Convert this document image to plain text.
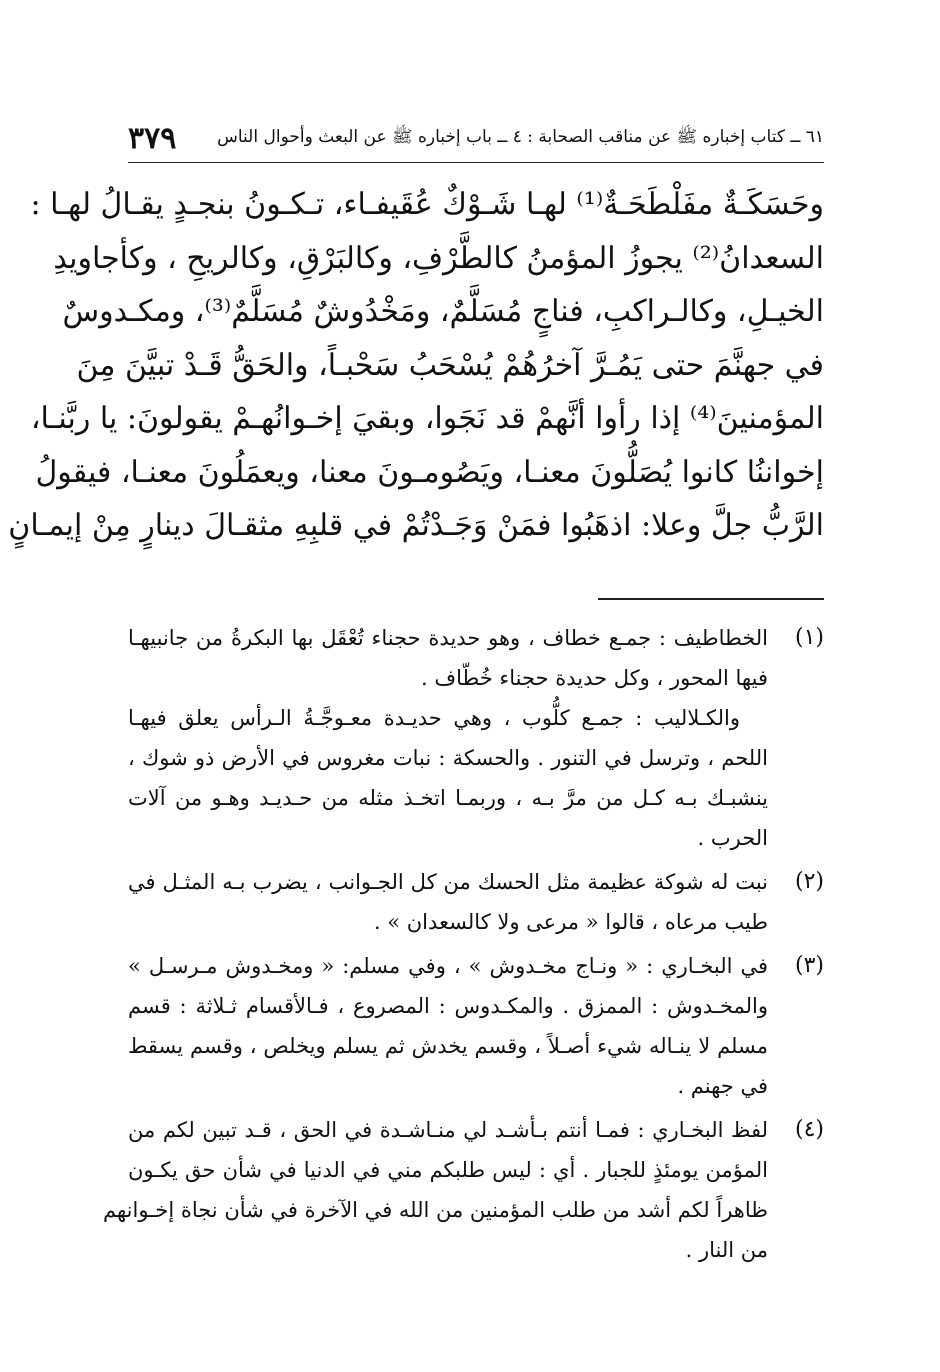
٦١ ــ كتاب إخباره ﷺ عن مناقب الصحابة : ٤ ــ باب إخباره ﷺ عن البعث وأحوال الناس
٣٧٩
وحَسَكَـةٌ مفَلْطَحَـةٌ⁽¹⁾ لهـا شَـوْكٌ عُقَيفـاء، تـكـونُ بنجـدٍ يقـالُ لهـا :
السعدانُ⁽²⁾ يجوزُ المؤمنُ كالطَّرْفِ، وكالبَرْقِ، وكالريحِ ، وكأجاويدِ
الخيـلِ، وكالـراكبِ، فناجٍ مُسَلَّمٌ، ومَخْدُوشٌ مُسَلَّمٌ⁽³⁾، ومكـدوسٌ
في جهنَّمَ حتى يَمُـرَّ آخرُهُمْ يُسْحَبُ سَحْبـاً، والحَقُّ قَـدْ تبيَّنَ مِنَ
المؤمنينَ⁽⁴⁾ إذا رأوا أنَّهمْ قد نَجَوا، وبقيَ إخـوانُهـمْ يقولونَ: يا ربَّنـا،
إخواننُا كانوا يُصَلُّونَ معنـا، ويَصُومـونَ معنا، ويعمَلُونَ معنـا، فيقولُ
الرَّبُّ جلَّ وعلا: اذهَبُوا فمَنْ وَجَـدْتُمْ في قلبِهِ مثقـالَ دينارٍ مِنْ إيمـانٍ
(١)
الخطاطيف : جمـع خطاف ، وهو حديدة حجناء تُعْقَل بها البكرةُ من جانبيهـا
فيها المحور ، وكل حديدة حجناء خُطّاف .
والكـلاليب : جمـع كلُّوب ، وهي حديـدة معـوجَّـةُ الـرأس يعلق فيهـا
اللحم ، وترسل في التنور . والحسكة : نبات مغروس في الأرض ذو شوك ،
ينشبـك بـه كـل من مرَّ بـه ، وربمـا اتخـذ مثله من حـديـد وهـو من آلات
الحرب .
(٢)
نبت له شوكة عظيمة مثل الحسك من كل الجـوانب ، يضرب بـه المثـل في
طيب مرعاه ، قالوا « مرعى ولا كالسعدان » .
(٣)
في البخـاري : « ونـاج مخـدوش » ، وفي مسلم: « ومخـدوش مـرسـل »
والمخـدوش : الممزق . والمكـدوس : المصروع ، فـالأقسام ثـلاثة : قسم
مسلم لا ينـاله شيء أصـلاً ، وقسم يخدش ثم يسلم ويخلص ، وقسم يسقط
في جهنم .
(٤)
لفظ البخـاري : فمـا أنتم بـأشـد لي منـاشـدة في الحق ، قـد تبين لكم من
المؤمن يومئذٍ للجبار . أي : ليس طلبكم مني في الدنيا في شأن حق يكـون
ظاهراً لكم أشد من طلب المؤمنين من الله في الآخرة في شأن نجاة إخـوانهم
من النار .
